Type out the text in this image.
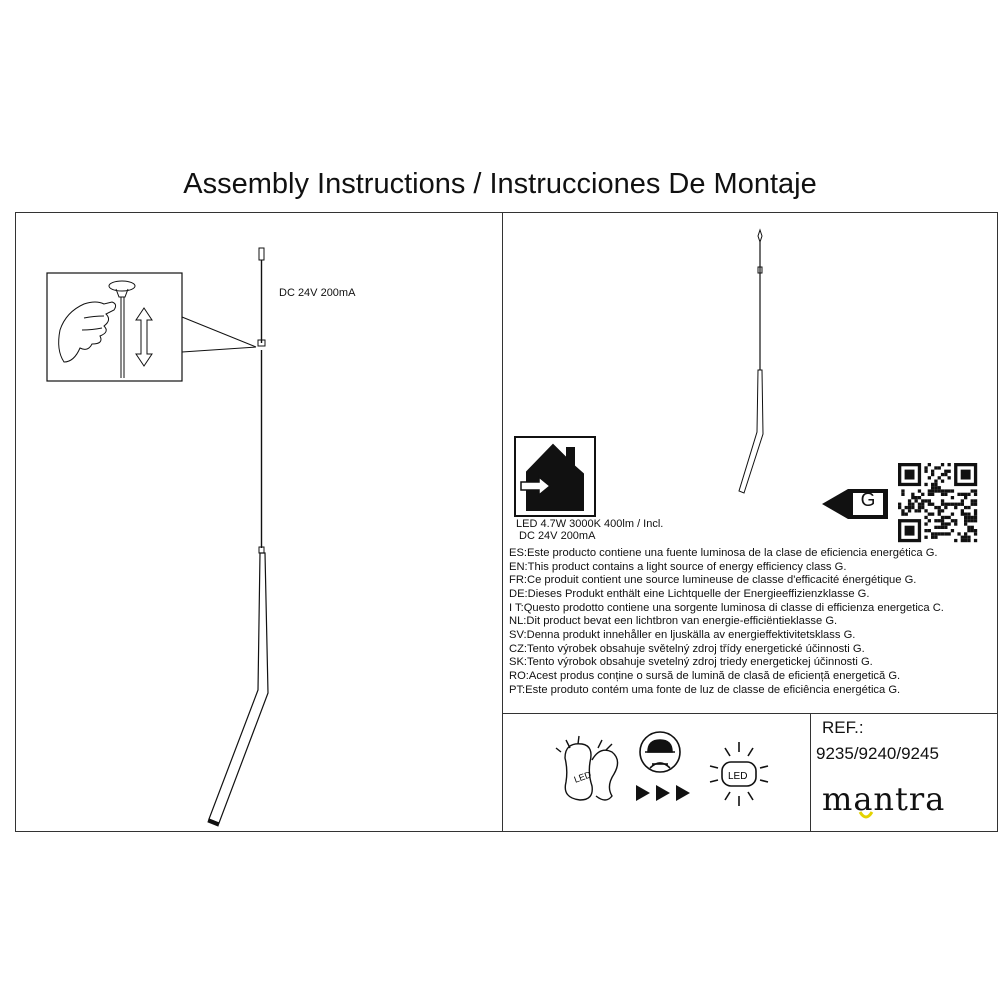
Assembly Instructions / Instrucciones De Montaje
LED	LED
DC 24V 200mA
LED 4.7W 3000K 400lm / Incl.
DC 24V 200mA
G
ES:Este producto contiene una fuente luminosa de la clase de eficiencia energética G.
EN:This product contains a light source of energy efficiency class G.
FR:Ce produit contient une source lumineuse de classe d'efficacité énergétique G.
DE:Dieses Produkt enthält eine Lichtquelle der Energieeffizienzklasse G.
I T:Questo prodotto contiene una sorgente luminosa di classe di efficienza energetica C.
NL:Dit product bevat een lichtbron van energie-efficiëntieklasse G.
SV:Denna produkt innehåller en ljuskälla av energieffektivitetsklass G.
CZ:Tento výrobek obsahuje světelný zdroj třídy energetické účinnosti G.
SK:Tento výrobok obsahuje svetelný zdroj triedy energetickej účinnosti G.
RO:Acest produs conține o sursă de lumină de clasă de eficiență energetică G.
PT:Este produto contém uma fonte de luz de classe de eficiência energética G.
REF.:
9235/9240/9245
mantra
